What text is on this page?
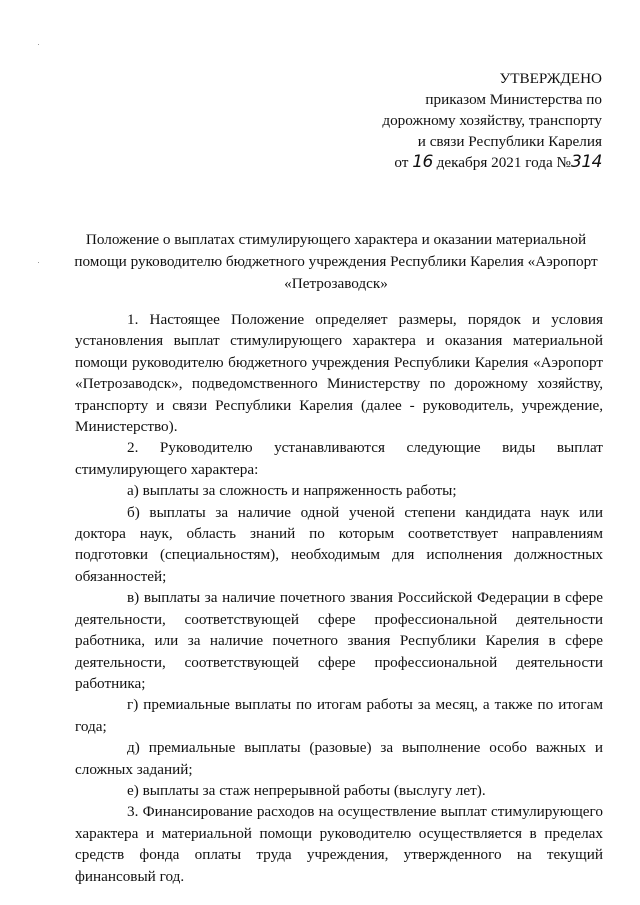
УТВЕРЖДЕНО
приказом Министерства по
дорожному хозяйству, транспорту
и связи Республики Карелия
от 16 декабря 2021 года №314
Положение о выплатах стимулирующего характера и оказании материальной
помощи руководителю бюджетного учреждения Республики Карелия «Аэропорт
«Петрозаводск»

1. Настоящее Положение определяет размеры, порядок и условия установления выплат стимулирующего характера и оказания материальной помощи руководителю бюджетного учреждения Республики Карелия «Аэропорт «Петрозаводск», подведомственного Министерству по дорожному хозяйству, транспорту и связи Республики Карелия (далее - руководитель, учреждение, Министерство).

2. Руководителю устанавливаются следующие виды выплат

стимулирующего характера:

а) выплаты за сложность и напряженность работы;

б) выплаты за наличие одной ученой степени кандидата наук или доктора наук, область знаний по которым соответствует направлениям подготовки (специальностям), необходимым для исполнения должностных обязанностей;

в) выплаты за наличие почетного звания Российской Федерации в сфере деятельности, соответствующей сфере профессиональной деятельности работника, или за наличие почетного звания Республики Карелия в сфере деятельности, соответствующей сфере профессиональной деятельности работника;

г) премиальные выплаты по итогам работы за месяц, а также по итогам года;

д) премиальные выплаты (разовые) за выполнение особо важных и сложных заданий;

е) выплаты за стаж непрерывной работы (выслугу лет).

3. Финансирование расходов на осуществление выплат стимулирующего характера и материальной помощи руководителю осуществляется в пределах средств фонда оплаты труда учреждения, утвержденного на текущий финансовый год.
